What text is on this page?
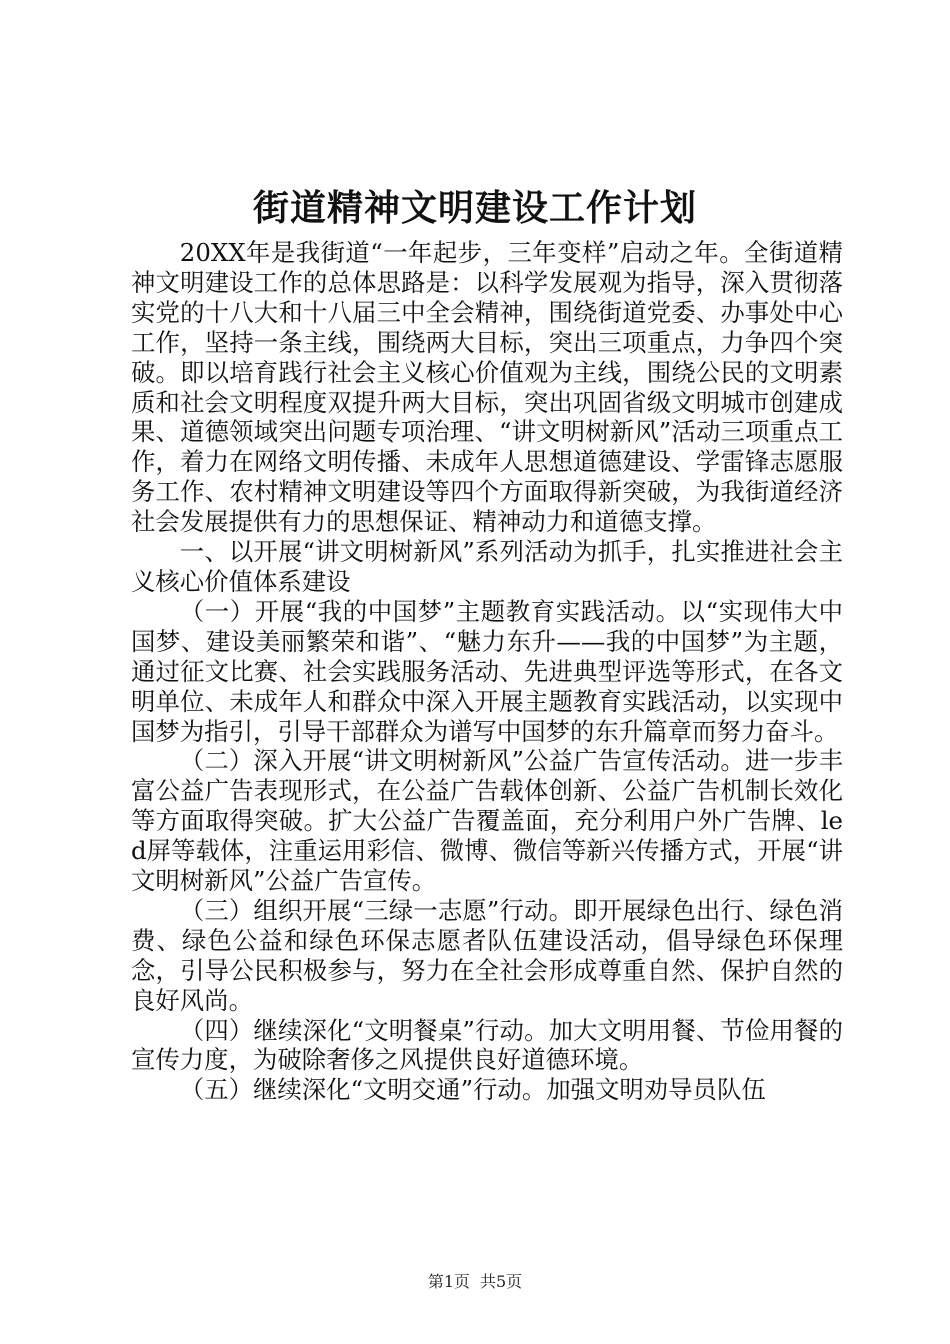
街道精神文明建设工作计划

20XX年是我街道“一年起步，三年变样”启动之年。全街道精神文明建设工作的总体思路是：以科学发展观为指导，深入贯彻落实党的十八大和十八届三中全会精神，围绕街道党委、办事处中心工作，坚持一条主线，围绕两大目标，突出三项重点，力争四个突破。即以培育践行社会主义核心价值观为主线，围绕公民的文明素质和社会文明程度双提升两大目标，突出巩固省级文明城市创建成果、道德领域突出问题专项治理、“讲文明树新风”活动三项重点工作，着力在网络文明传播、未成年人思想道德建设、学雷锋志愿服务工作、农村精神文明建设等四个方面取得新突破，为我街道经济社会发展提供有力的思想保证、精神动力和道德支撑。

一、以开展“讲文明树新风”系列活动为抓手，扎实推进社会主义核心价值体系建设

（一）开展“我的中国梦”主题教育实践活动。以“实现伟大中国梦、建设美丽繁荣和谐”、“魅力东升——我的中国梦”为主题，通过征文比赛、社会实践服务活动、先进典型评选等形式，在各文明单位、未成年人和群众中深入开展主题教育实践活动，以实现中国梦为指引，引导干部群众为谱写中国梦的东升篇章而努力奋斗。

（二）深入开展“讲文明树新风”公益广告宣传活动。进一步丰富公益广告表现形式，在公益广告载体创新、公益广告机制长效化等方面取得突破。扩大公益广告覆盖面，充分利用户外广告牌、led屏等载体，注重运用彩信、微博、微信等新兴传播方式，开展“讲文明树新风”公益广告宣传。

（三）组织开展“三绿一志愿”行动。即开展绿色出行、绿色消费、绿色公益和绿色环保志愿者队伍建设活动，倡导绿色环保理念，引导公民积极参与，努力在全社会形成尊重自然、保护自然的良好风尚。

（四）继续深化“文明餐桌”行动。加大文明用餐、节俭用餐的宣传力度，为破除奢侈之风提供良好道德环境。

（五）继续深化“文明交通”行动。加强文明劝导员队伍

第1页 共5页
